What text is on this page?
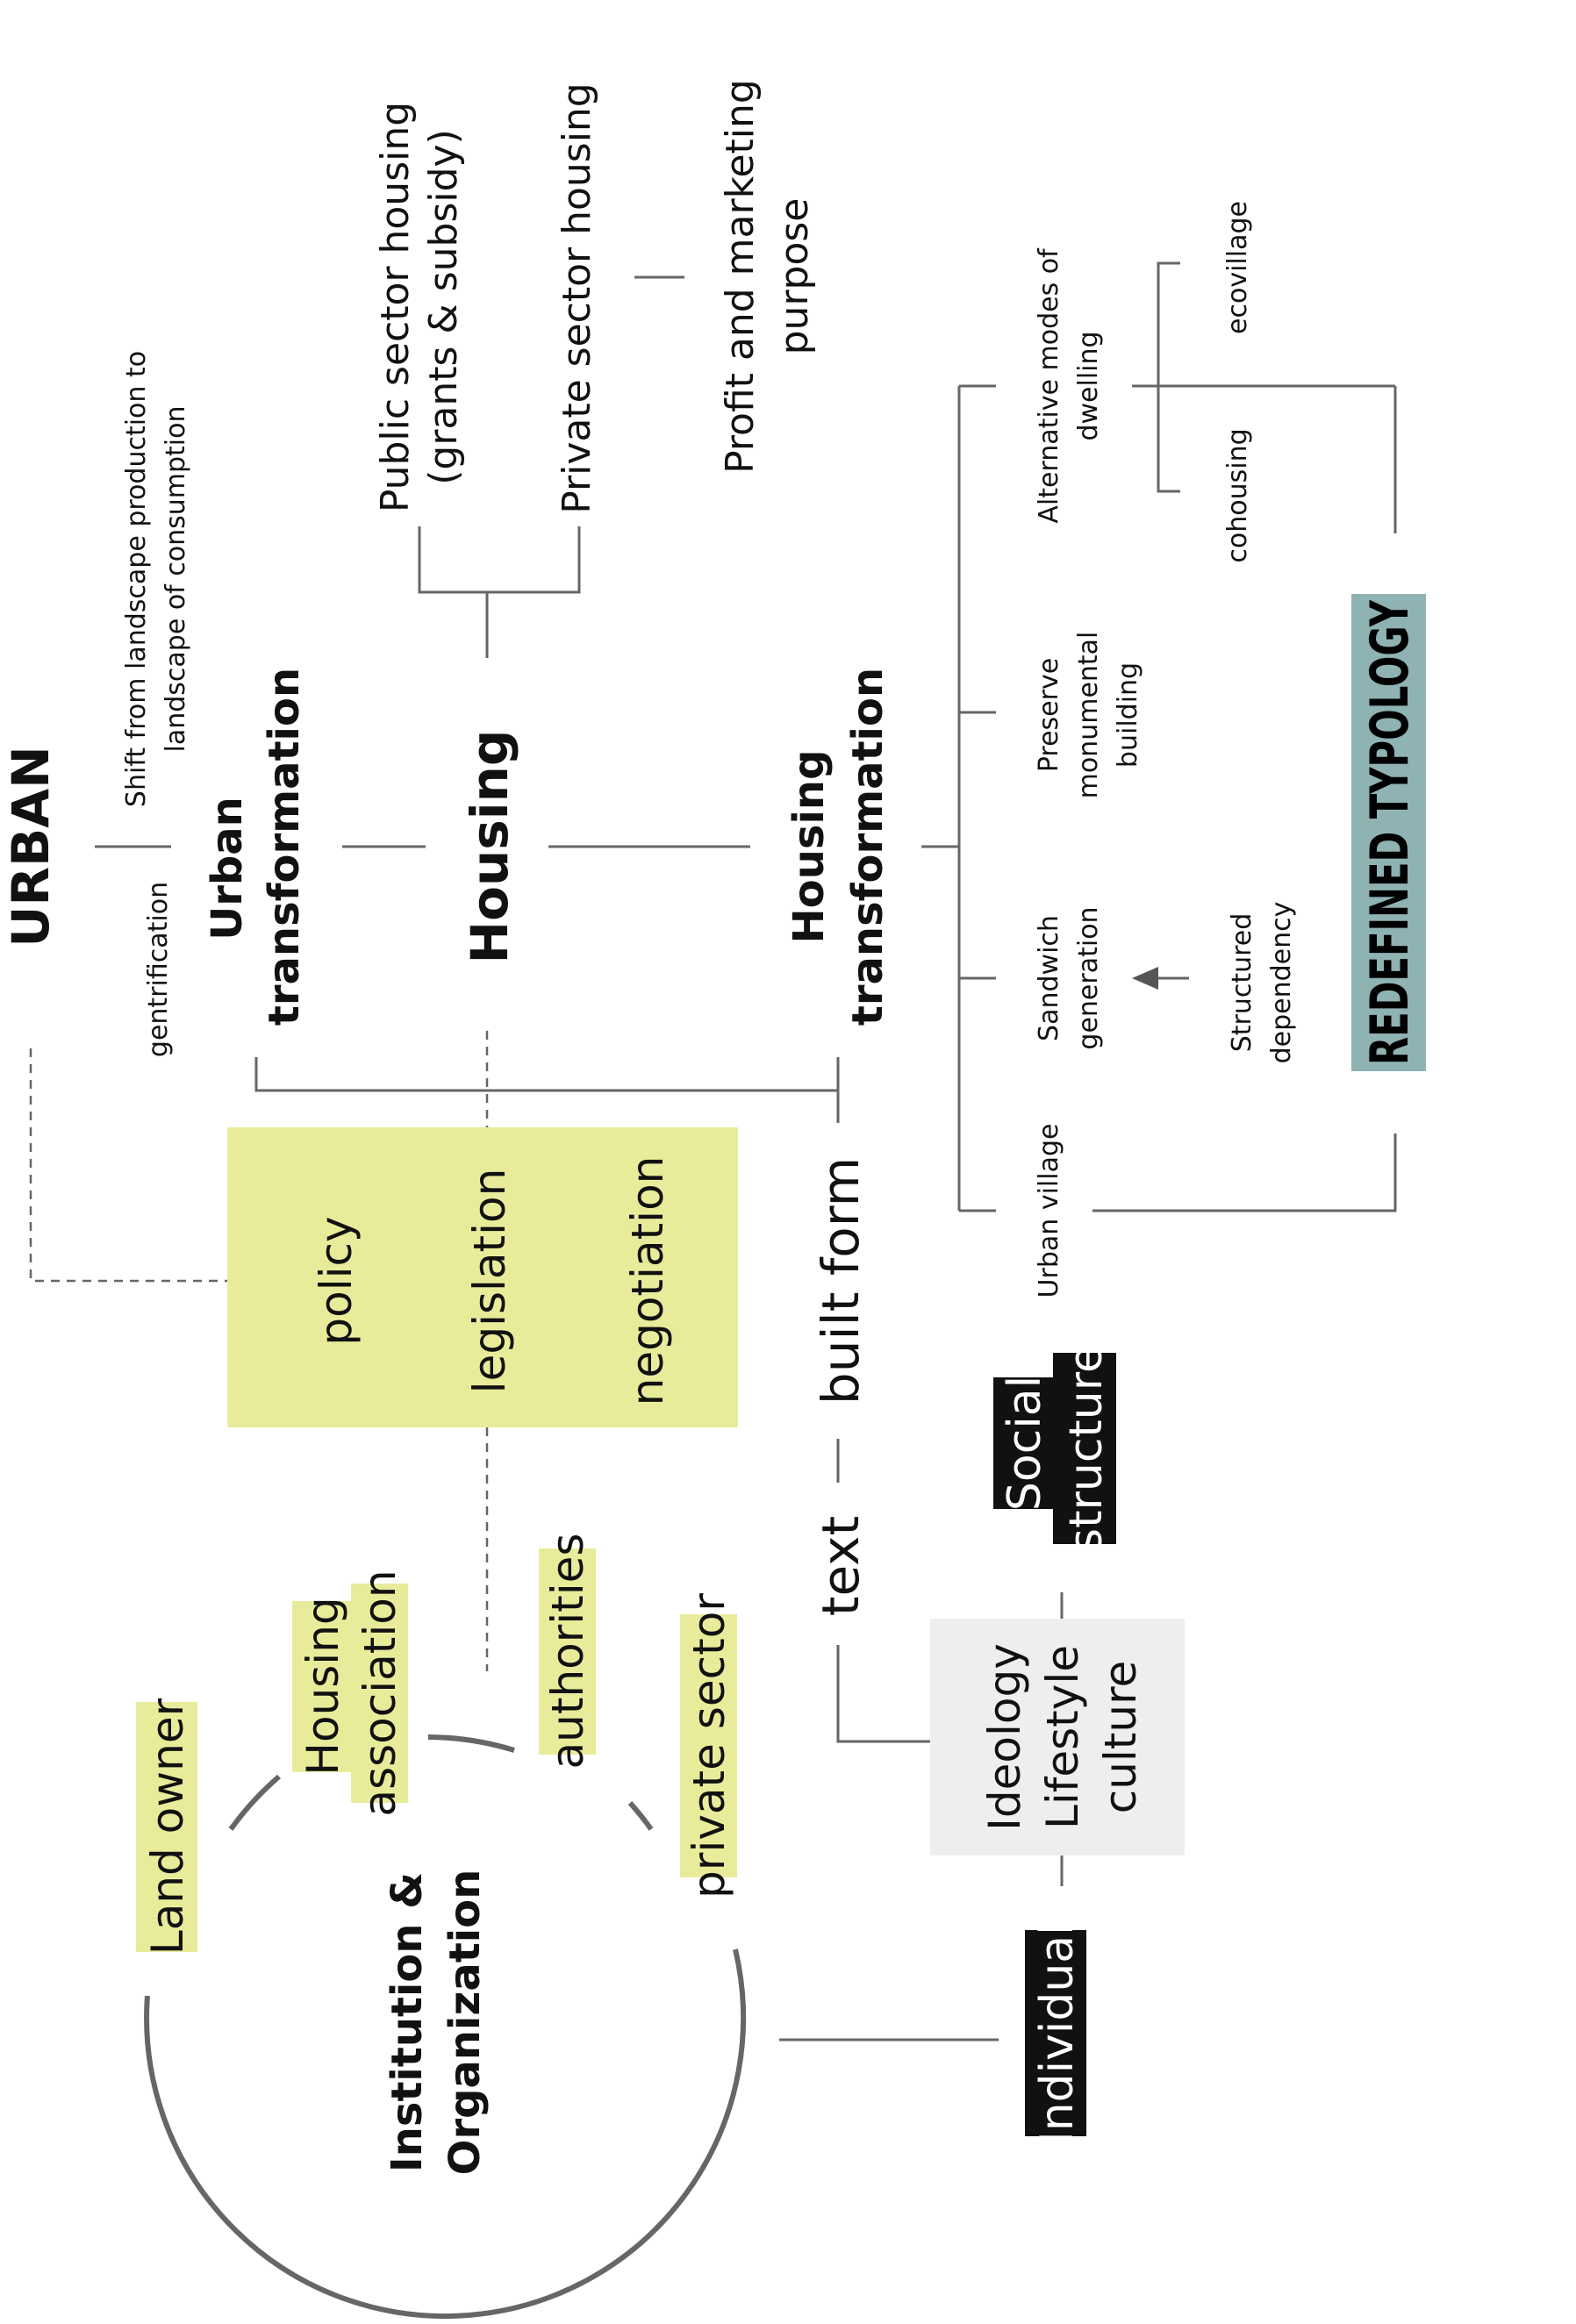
URBAN
gentrification
Shift from landscape production to landscape of consumption
Urban transformation	Housing
Public sector housing (grants & subsidy) Private sector housing	Profit and marketing purpose
Housing transformation
Alternative modes of dwelling
ecovillage
cohousing
Preserve monumental building
Sandwich generation	Structured dependency
Urban village
REDEFINED TYPOLOGY
policy legislation negotiation	built form
text
Social structure
Ideology Lifestyle culture
Individual
Land owner
Housing association	authorities private sector
Institution & Organization
